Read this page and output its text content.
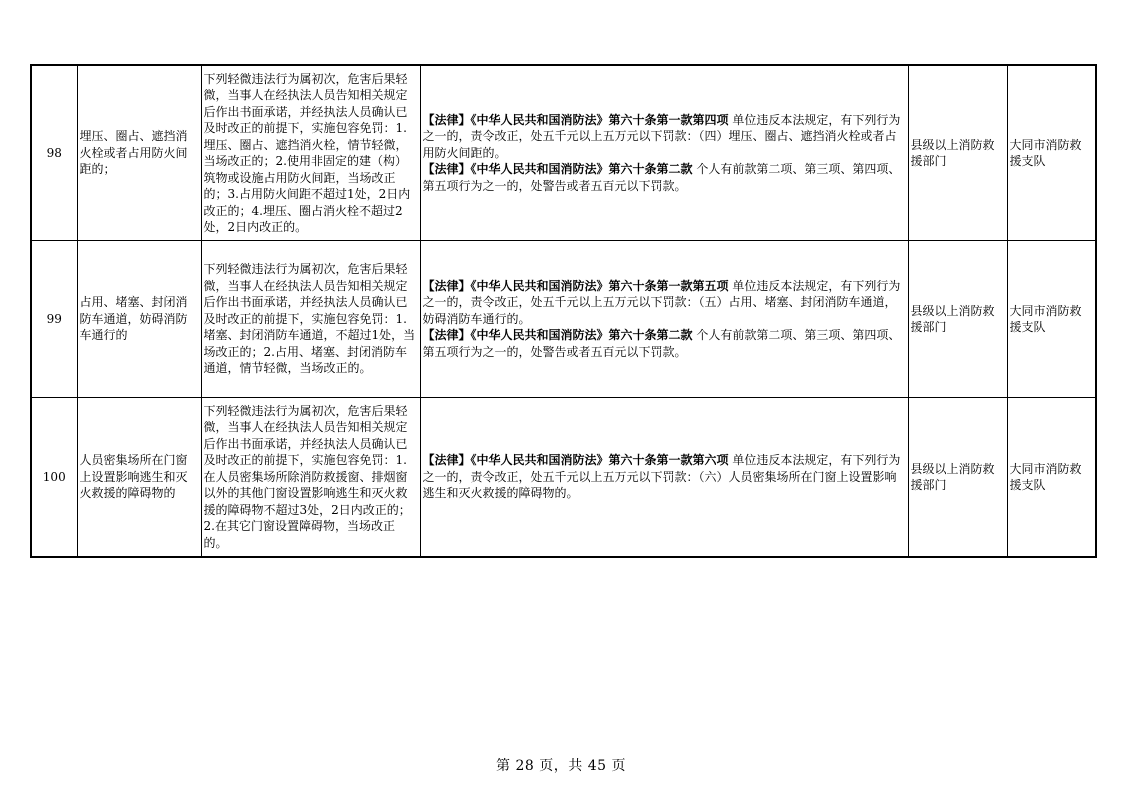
98	埋压、圈占、遮挡消火栓或者占用防火间距的；	下列轻微违法行为属初次，危害后果轻微，当事人在经执法人员告知相关规定后作出书面承诺，并经执法人员确认已及时改正的前提下，实施包容免罚：1.埋压、圈占、遮挡消火栓，情节轻微，当场改正的；2.使用非固定的建（构）筑物或设施占用防火间距，当场改正的；3.占用防火间距不超过1处，2日内改正的；4.埋压、圈占消火栓不超过2处，2日内改正的。	【法律】《中华人民共和国消防法》第六十条第一款第四项 单位违反本法规定，有下列行为之一的，责令改正，处五千元以上五万元以下罚款：（四）埋压、圈占、遮挡消火栓或者占用防火间距的。
【法律】《中华人民共和国消防法》第六十条第二款 个人有前款第二项、第三项、第四项、第五项行为之一的，处警告或者五百元以下罚款。	县级以上消防救援部门	大同市消防救援支队
99	占用、堵塞、封闭消防车通道，妨碍消防车通行的	下列轻微违法行为属初次，危害后果轻微，当事人在经执法人员告知相关规定后作出书面承诺，并经执法人员确认已及时改正的前提下，实施包容免罚：1.堵塞、封闭消防车通道，不超过1处，当场改正的；2.占用、堵塞、封闭消防车通道，情节轻微，当场改正的。	【法律】《中华人民共和国消防法》第六十条第一款第五项 单位违反本法规定，有下列行为之一的，责令改正，处五千元以上五万元以下罚款：（五）占用、堵塞、封闭消防车通道，妨碍消防车通行的。
【法律】《中华人民共和国消防法》第六十条第二款 个人有前款第二项、第三项、第四项、第五项行为之一的，处警告或者五百元以下罚款。	县级以上消防救援部门	大同市消防救援支队
100	人员密集场所在门窗上设置影响逃生和灭火救援的障碍物的	下列轻微违法行为属初次，危害后果轻微，当事人在经执法人员告知相关规定后作出书面承诺，并经执法人员确认已及时改正的前提下，实施包容免罚：1.在人员密集场所除消防救援窗、排烟窗以外的其他门窗设置影响逃生和灭火救援的障碍物不超过3处，2日内改正的；2.在其它门窗设置障碍物，当场改正的。	【法律】《中华人民共和国消防法》第六十条第一款第六项 单位违反本法规定，有下列行为之一的，责令改正，处五千元以上五万元以下罚款：（六）人员密集场所在门窗上设置影响逃生和灭火救援的障碍物的。	县级以上消防救援部门	大同市消防救援支队
第 28 页，共 45 页
